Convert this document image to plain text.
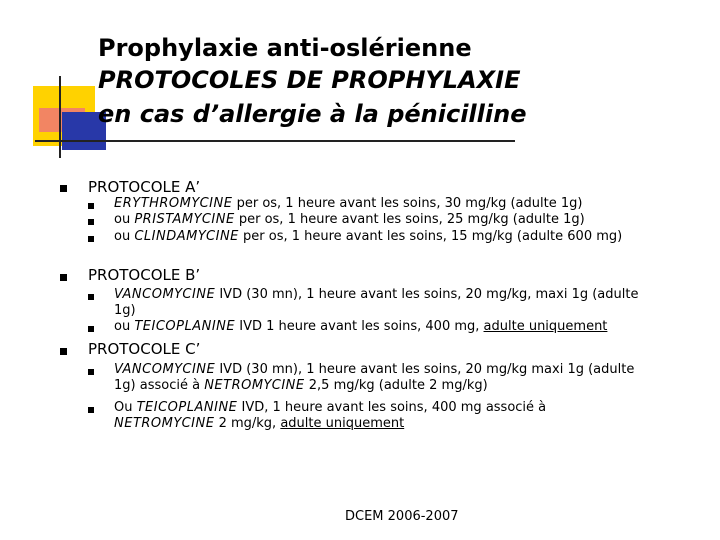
Prophylaxie anti-oslérienne
PROTOCOLES DE PROPHYLAXIE
en cas d’allergie à la pénicilline
PROTOCOLE A’
ERYTHROMYCINE per os, 1 heure avant les soins, 30 mg/kg (adulte 1g)
ou PRISTAMYCINE per os, 1 heure avant les soins, 25 mg/kg (adulte 1g)
ou CLINDAMYCINE per os, 1 heure avant les soins, 15 mg/kg (adulte 600 mg)
PROTOCOLE B’
VANCOMYCINE IVD (30 mn), 1 heure avant les soins, 20 mg/kg, maxi 1g (adulte 1g)
ou TEICOPLANINE IVD 1 heure avant les soins, 400 mg, adulte uniquement
PROTOCOLE C’
VANCOMYCINE IVD (30 mn), 1 heure avant les soins, 20 mg/kg maxi 1g (adulte 1g) associé à NETROMYCINE 2,5 mg/kg (adulte 2 mg/kg)
Ou TEICOPLANINE IVD, 1 heure avant les soins, 400 mg associé à NETROMYCINE 2 mg/kg, adulte uniquement
DCEM 2006-2007
